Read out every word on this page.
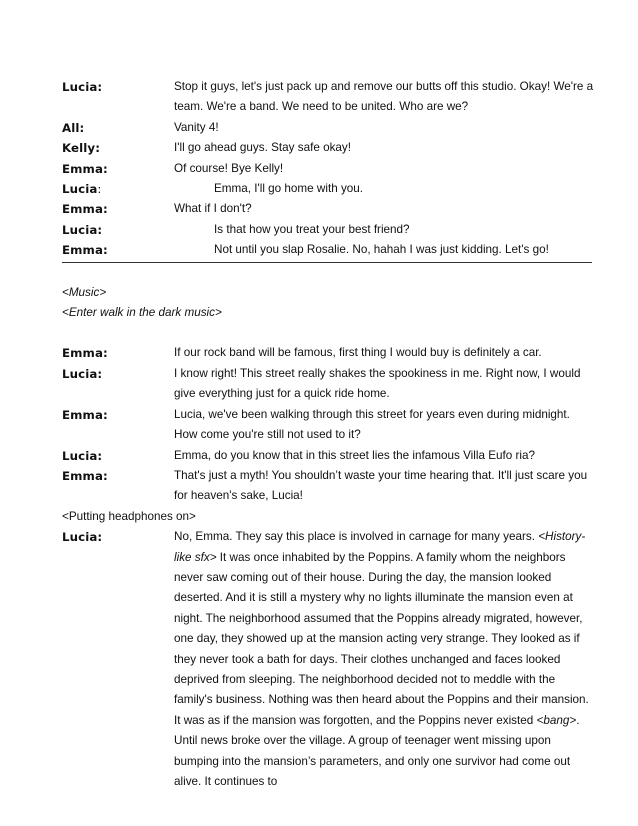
Lucia:	Stop it guys, let's just pack up and remove our butts off this studio. Okay! We're a team. We're a band. We need to be united. Who are we?
All:	Vanity 4!
Kelly:	I'll go ahead guys. Stay safe okay!
Emma:	Of course! Bye Kelly!
Lucia:	Emma, I'll go home with you.
Emma:	What if I don't?
Lucia:	Is that how you treat your best friend?
Emma:	Not until you slap Rosalie. No, hahah I was just kidding. Let's go!
<Music>
<Enter walk in the dark music>
Emma:	If our rock band will be famous, first thing I would buy is definitely a car.
Lucia:	I know right! This street really shakes the spookiness in me. Right now, I would give everything just for a quick ride home.
Emma:	Lucia, we've been walking through this street for years even during midnight. How come you're still not used to it?
Lucia:	Emma, do you know that in this street lies the infamous Villa Eufo ria?
Emma:	That's just a myth! You shouldn’t waste your time hearing that. It'll just scare you for heaven's sake, Lucia!
<Putting headphones on>
Lucia:	No, Emma. They say this place is involved in carnage for many years. <History-like sfx> It was once inhabited by the Poppins. A family whom the neighbors never saw coming out of their house. During the day, the mansion looked deserted. And it is still a mystery why no lights illuminate the mansion even at night. The neighborhood assumed that the Poppins already migrated, however, one day, they showed up at the mansion acting very strange. They looked as if they never took a bath for days. Their clothes unchanged and faces looked deprived from sleeping. The neighborhood decided not to meddle with the family's business. Nothing was then heard about the Poppins and their mansion. It was as if the mansion was forgotten, and the Poppins never existed <bang>. Until news broke over the village. A group of teenager went missing upon bumping into the mansion’s parameters, and only one survivor had come out alive. It continues to
